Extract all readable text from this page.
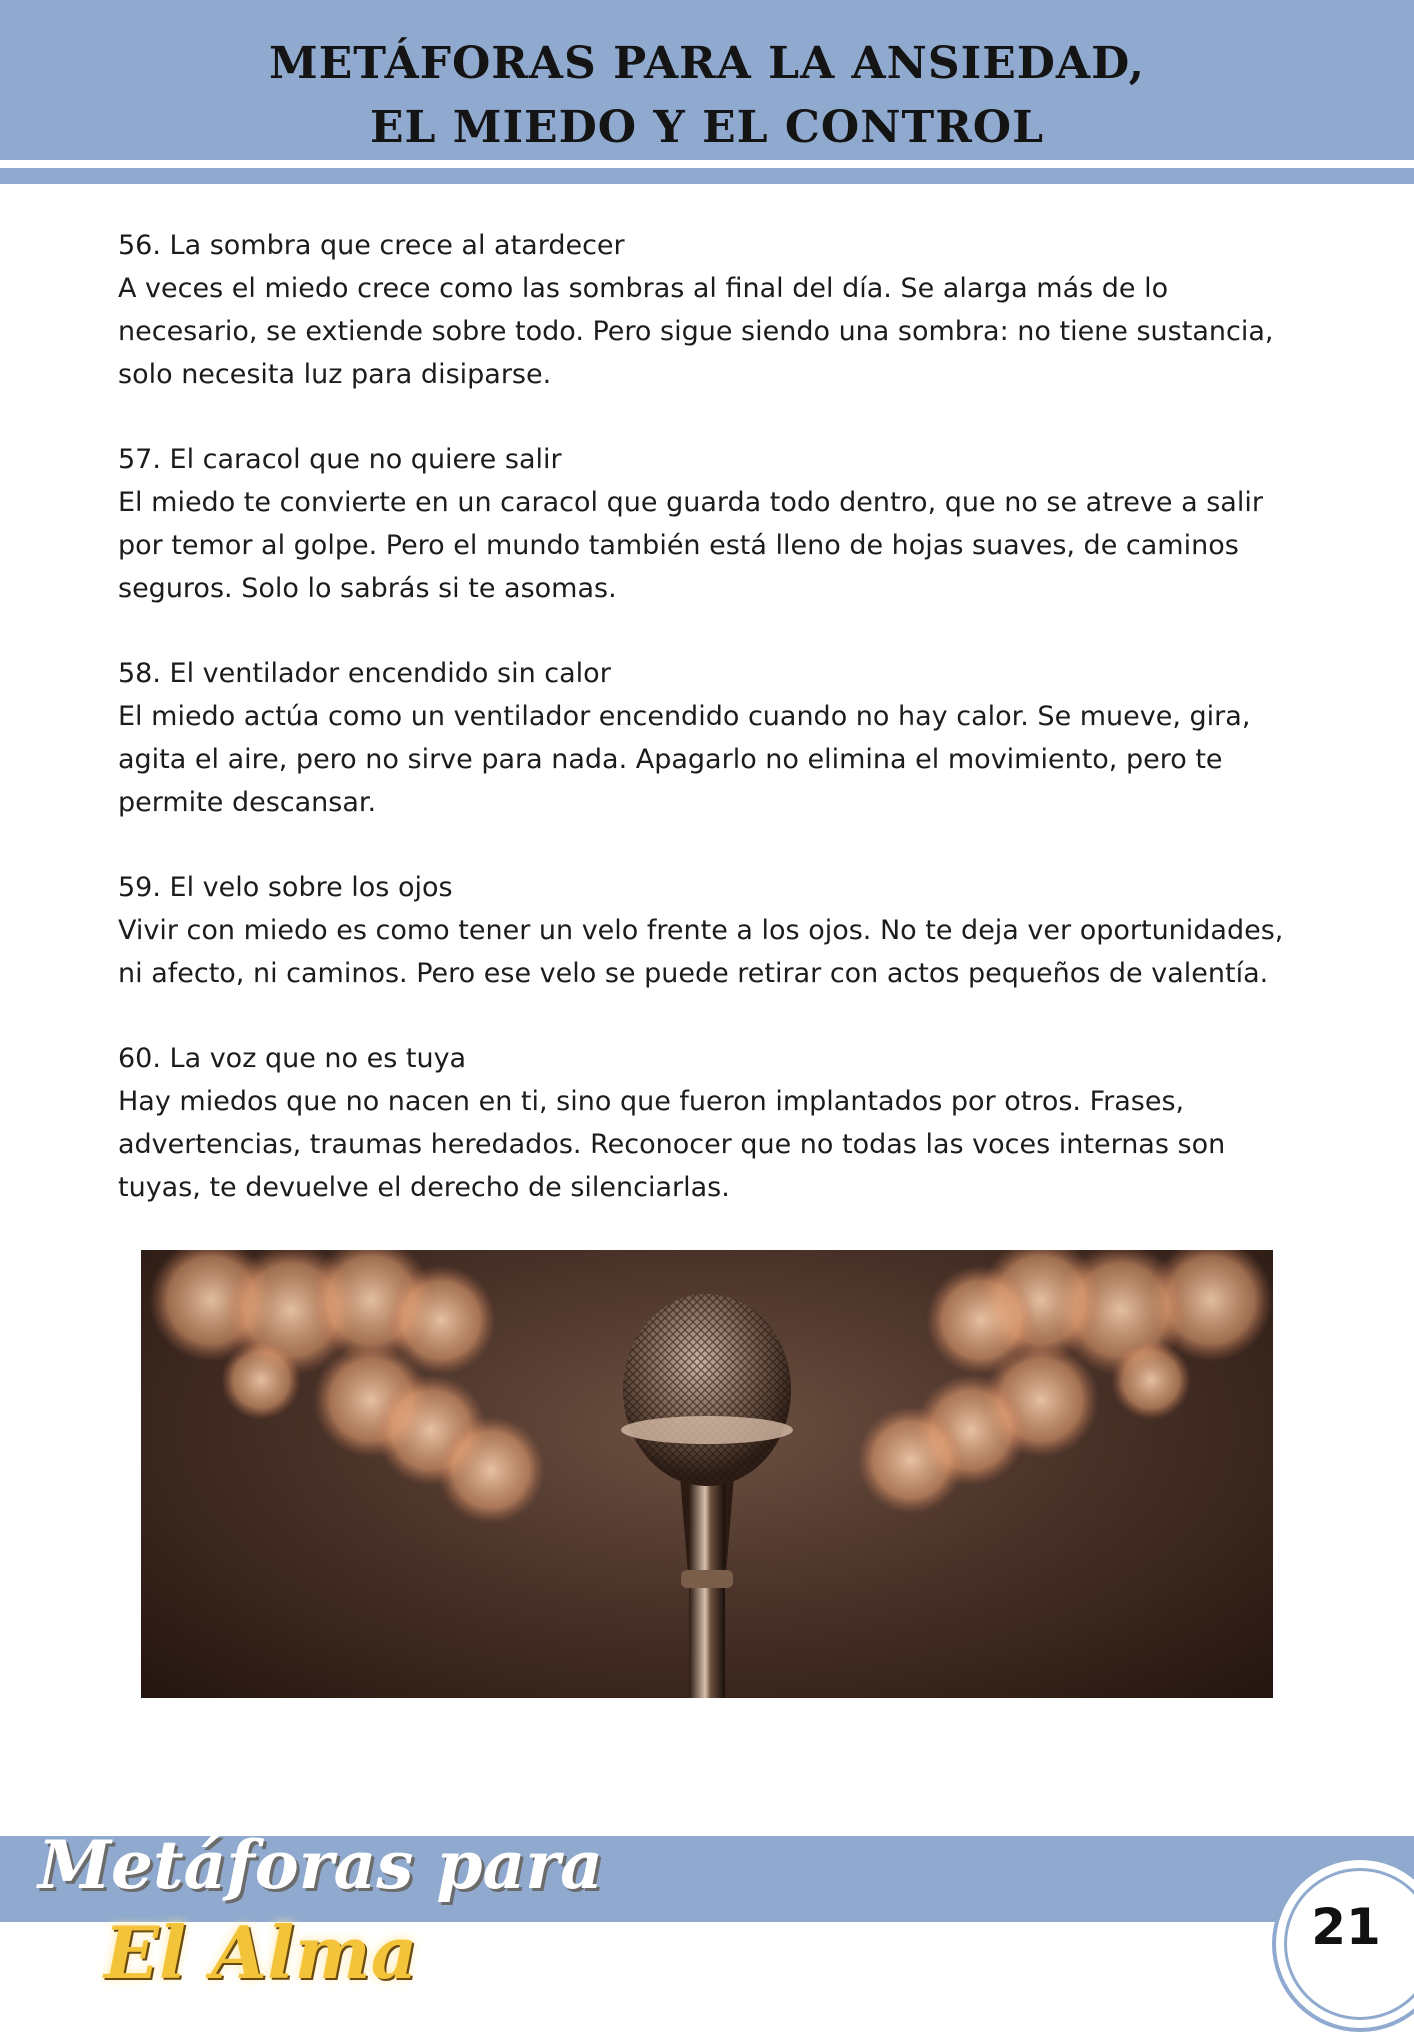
METÁFORAS PARA LA ANSIEDAD,
EL MIEDO Y EL CONTROL
56. La sombra que crece al atardecer
A veces el miedo crece como las sombras al final del día. Se alarga más de lo necesario, se extiende sobre todo. Pero sigue siendo una sombra: no tiene sustancia, solo necesita luz para disiparse.
57. El caracol que no quiere salir
El miedo te convierte en un caracol que guarda todo dentro, que no se atreve a salir por temor al golpe. Pero el mundo también está lleno de hojas suaves, de caminos seguros. Solo lo sabrás si te asomas.
58. El ventilador encendido sin calor
El miedo actúa como un ventilador encendido cuando no hay calor. Se mueve, gira, agita el aire, pero no sirve para nada. Apagarlo no elimina el movimiento, pero te permite descansar.
59. El velo sobre los ojos
Vivir con miedo es como tener un velo frente a los ojos. No te deja ver oportunidades, ni afecto, ni caminos. Pero ese velo se puede retirar con actos pequeños de valentía.
60. La voz que no es tuya
Hay miedos que no nacen en ti, sino que fueron implantados por otros. Frases, advertencias, traumas heredados. Reconocer que no todas las voces internas son tuyas, te devuelve el derecho de silenciarlas.
Metáforas para
El Alma	21
